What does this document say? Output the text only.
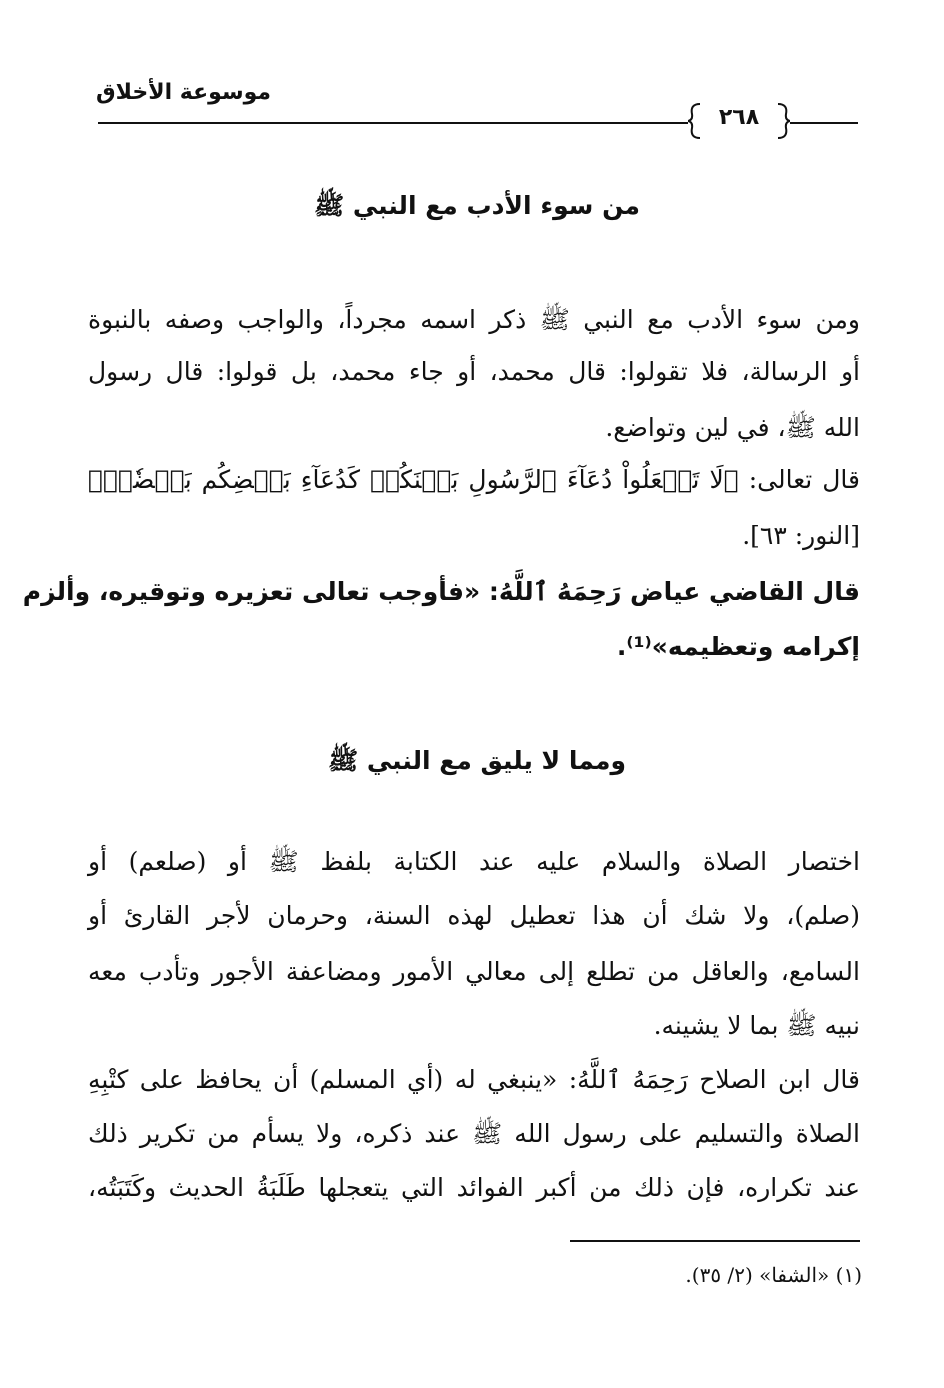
موسوعة الأخلاق
٢٦٨
من سوء الأدب مع النبي ﷺ
ومن سوء الأدب مع النبي ﷺ ذكر اسمه مجرداً، والواجب وصفه بالنبوة
أو الرسالة، فلا تقولوا: قال محمد، أو جاء محمد، بل قولوا: قال رسول
الله ﷺ، في لين وتواضع.
قال تعالى: ﴿لَا تَجۡعَلُواْ دُعَآءَ ٱلرَّسُولِ بَيۡنَكُمۡ كَدُعَآءِ بَعۡضِكُم بَعۡضٗاۚ﴾
[النور: ٦٣].
قال القاضي عياض رَحِمَهُ ٱللَّهُ: «فأوجب تعالى تعزيره وتوقيره، وألزم
إكرامه وتعظيمه»⁽¹⁾.
ومما لا يليق مع النبي ﷺ
اختصار الصلاة والسلام عليه عند الكتابة بلفظ ﷺ أو (صلعم) أو
(صلم)، ولا شك أن هذا تعطيل لهذه السنة، وحرمان لأجر القارئ أو
السامع، والعاقل من تطلع إلى معالي الأمور ومضاعفة الأجور وتأدب معه
نبيه ﷺ بما لا يشينه.
قال ابن الصلاح رَحِمَهُ ٱللَّهُ: «ينبغي له (أي المسلم) أن يحافظ على كتْبِهِ
الصلاة والتسليم على رسول الله ﷺ عند ذكره، ولا يسأم من تكرير ذلك
عند تكراره، فإن ذلك من أكبر الفوائد التي يتعجلها طَلَبَةُ الحديث وكَتَبَتُه،
(١) «الشفا» (٢/ ٣٥).
